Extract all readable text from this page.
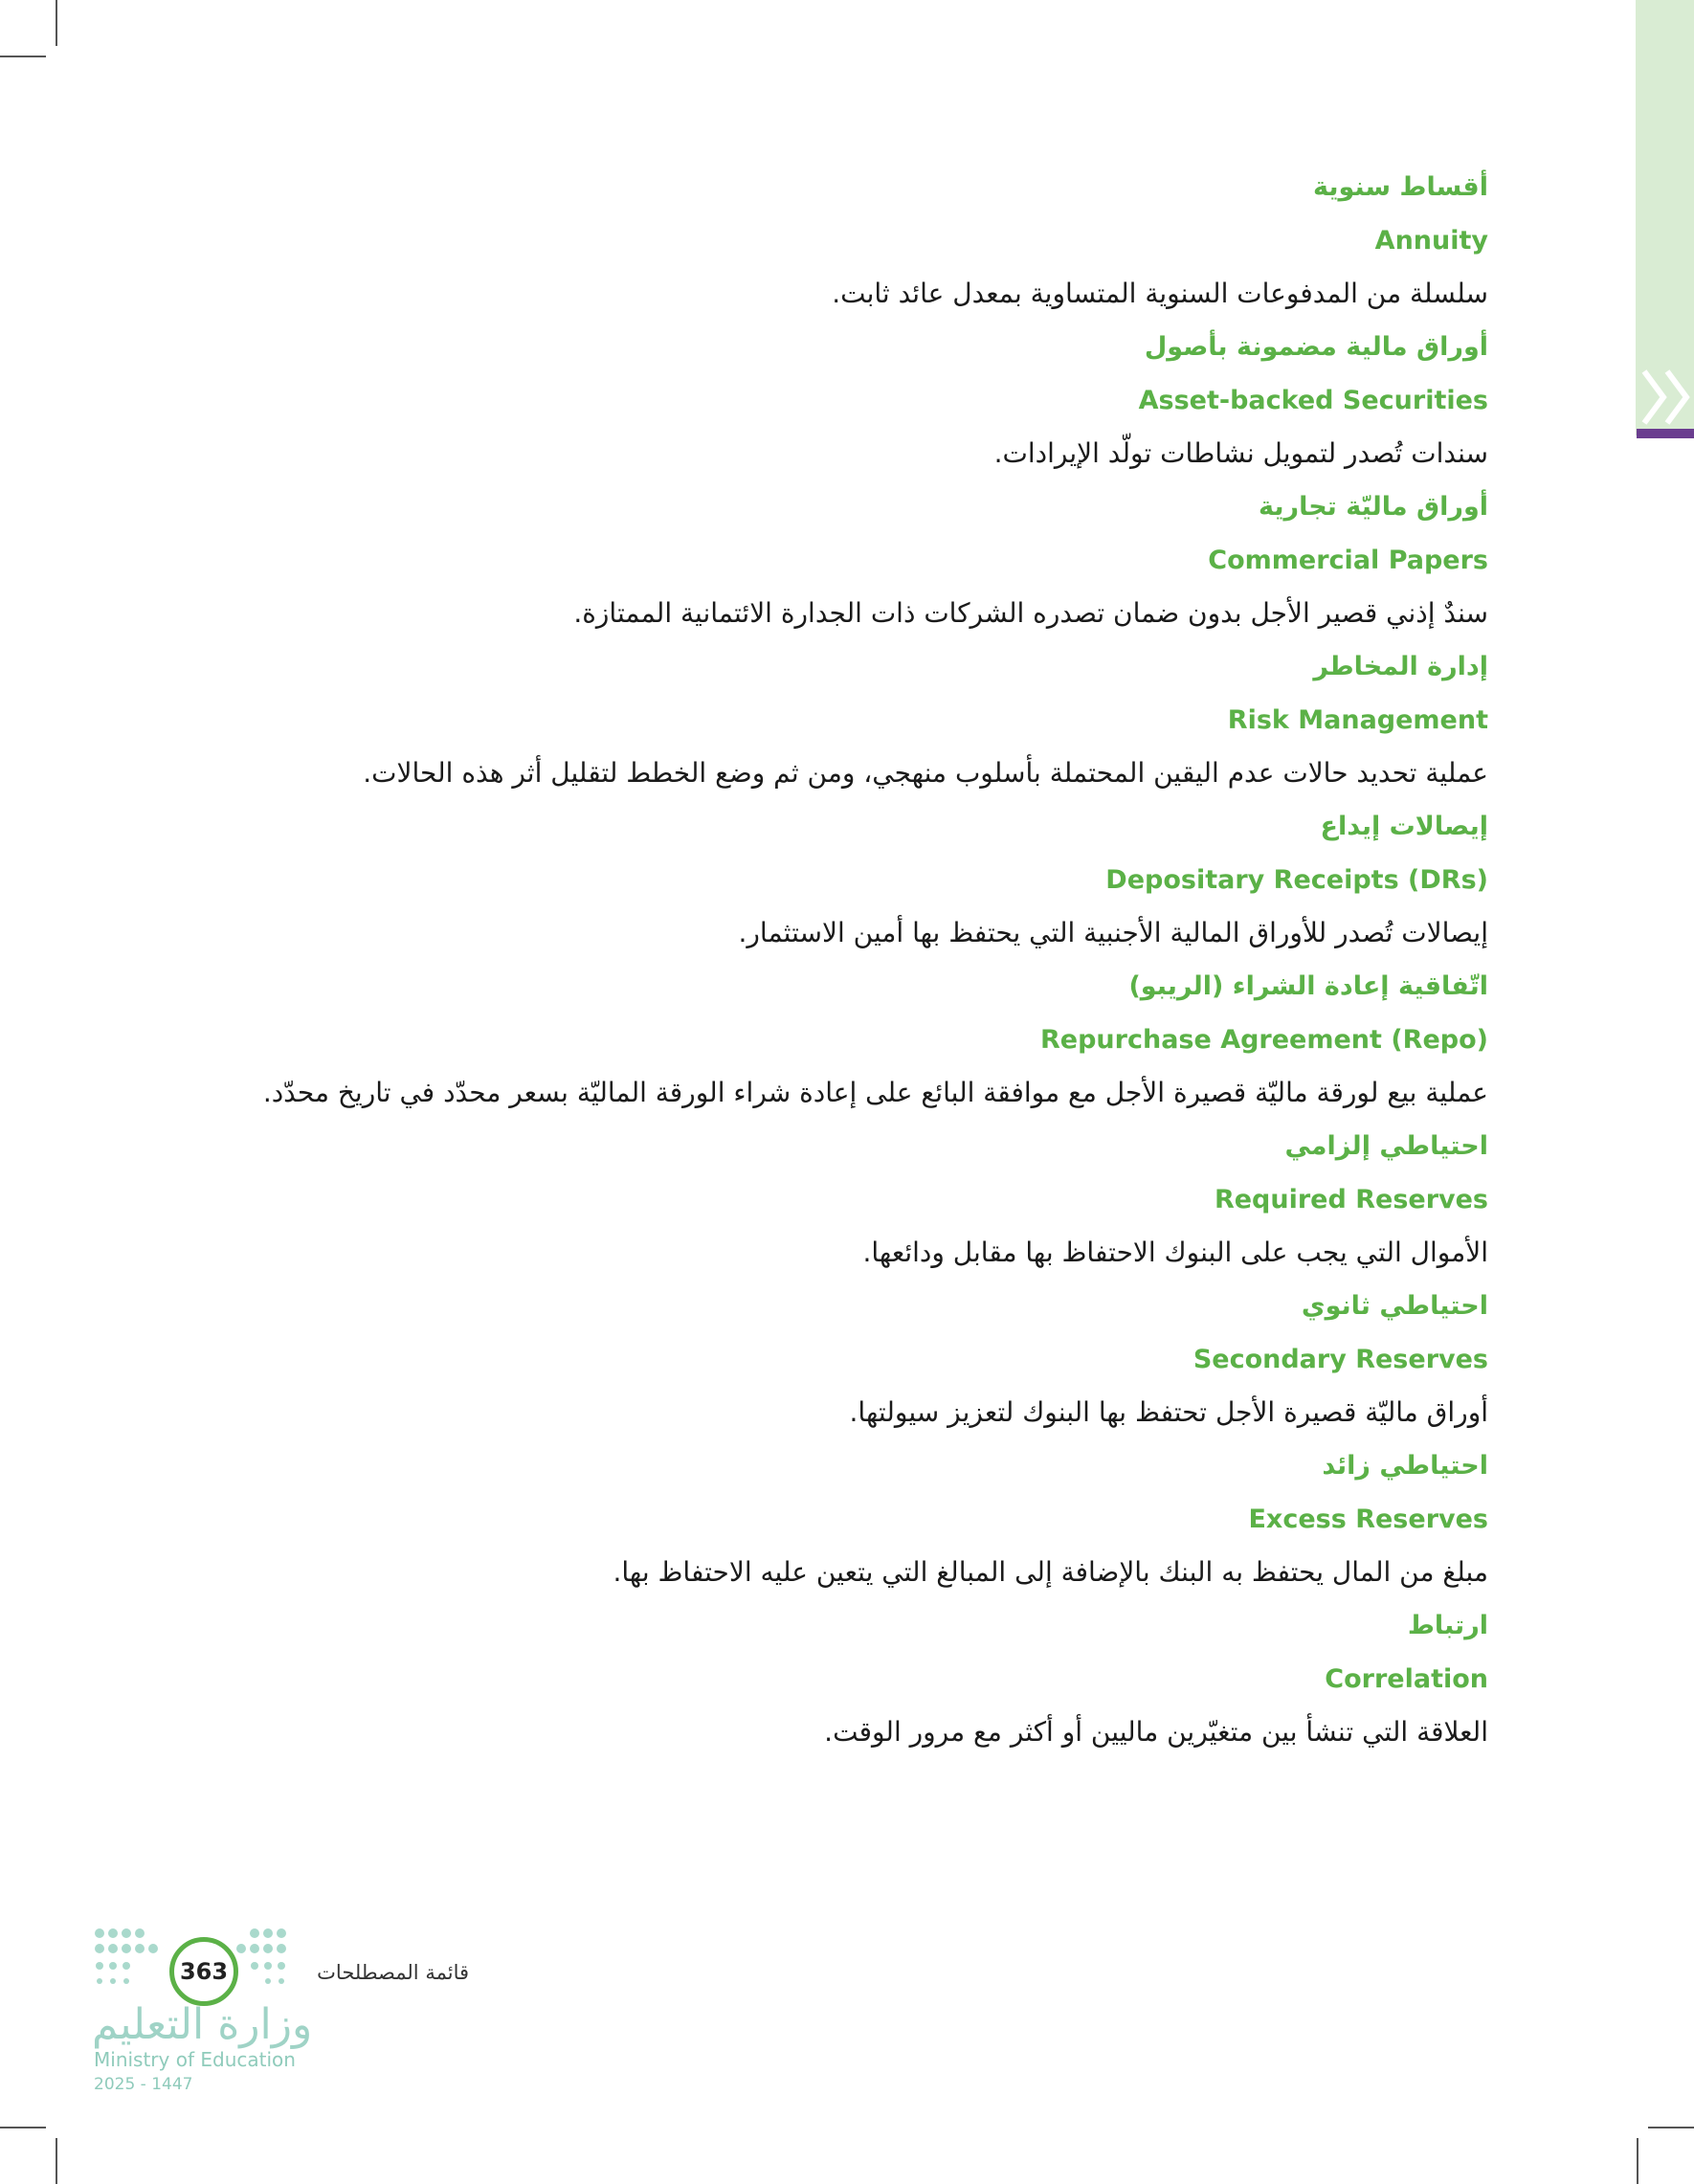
أقساط سنوية
Annuity
سلسلة من المدفوعات السنوية المتساوية بمعدل عائد ثابت.
أوراق مالية مضمونة بأصول
Asset-backed Securities
سندات تُصدر لتمويل نشاطات تولّد الإيرادات.
أوراق ماليّة تجارية
Commercial Papers
سندٌ إذني قصير الأجل بدون ضمان تصدره الشركات ذات الجدارة الائتمانية الممتازة.
إدارة المخاطر
Risk Management
عملية تحديد حالات عدم اليقين المحتملة بأسلوب منهجي، ومن ثم وضع الخطط لتقليل أثر هذه الحالات.
إيصالات إيداع
Depositary Receipts (DRs)
إيصالات تُصدر للأوراق المالية الأجنبية التي يحتفظ بها أمين الاستثمار.
اتّفاقية إعادة الشراء (الريبو)
Repurchase Agreement (Repo)
عملية بيع لورقة ماليّة قصيرة الأجل مع موافقة البائع على إعادة شراء الورقة الماليّة بسعر محدّد في تاريخ محدّد.
احتياطي إلزامي
Required Reserves
الأموال التي يجب على البنوك الاحتفاظ بها مقابل ودائعها.
احتياطي ثانوي
Secondary Reserves
أوراق ماليّة قصيرة الأجل تحتفظ بها البنوك لتعزيز سيولتها.
احتياطي زائد
Excess Reserves
مبلغ من المال يحتفظ به البنك بالإضافة إلى المبالغ التي يتعين عليه الاحتفاظ بها.
ارتباط
Correlation
العلاقة التي تنشأ بين متغيّرين ماليين أو أكثر مع مرور الوقت.
363	قائمة المصطلحات
وزارة التعليم
Ministry of Education
2025 - 1447
